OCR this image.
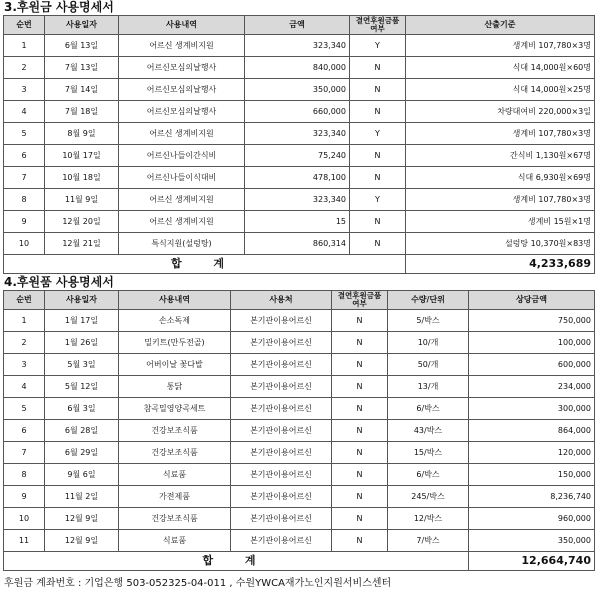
3.후원금 사용명세서
순번	사용일자	사용내역	금액	결연후원금품여부	산출기준
1	6월 13일	어르신 생계비지원	323,340	Y	생계비 107,780×3명
2	7월 13일	어르신모심의날행사	840,000	N	식대 14,000원×60명
3	7월 14일	어르신모심의날행사	350,000	N	식대 14,000원×25명
4	7월 18일	어르신모심의날행사	660,000	N	차량대여비 220,000×3일
5	8월 9일	어르신 생계비지원	323,340	Y	생계비 107,780×3명
6	10월 17일	어르신나들이간식비	75,240	N	간식비 1,130원×67명
7	10월 18일	어르신나들이식대비	478,100	N	식대 6,930원×69명
8	11월 9일	어르신 생계비지원	323,340	Y	생계비 107,780×3명
9	12월 20일	어르신 생계비지원	15	N	생계비 15원×1명
10	12월 21일	특식지원(설렁탕)	860,314	N	설렁탕 10,370원×83명
합 계					4,233,689
4.후원품 사용명세서
순번	사용일자	사용내역	사용처	결연후원금품여부	수량/단위	상당금액
1	1월 17일	손소독제	본기관이용어르신	N	5/박스	750,000
2	1월 26일	밀키트(만두전골)	본기관이용어르신	N	10/개	100,000
3	5월 3일	어버이날 꽃다발	본기관이용어르신	N	50/개	600,000
4	5월 12일	통닭	본기관이용어르신	N	13/개	234,000
5	6월 3일	참곡밀영양곡세트	본기관이용어르신	N	6/박스	300,000
6	6월 28일	건강보조식품	본기관이용어르신	N	43/박스	864,000
7	6월 29일	건강보조식품	본기관이용어르신	N	15/박스	120,000
8	9월 6일	식료품	본기관이용어르신	N	6/박스	150,000
9	11월 2일	가전제품	본기관이용어르신	N	245/박스	8,236,740
10	12월 9일	건강보조식품	본기관이용어르신	N	12/박스	960,000
11	12월 9일	식료품	본기관이용어르신	N	7/박스	350,000
합 계						12,664,740
후원금 계좌번호 : 기업은행 503-052325-04-011 , 수원YWCA재가노인지원서비스센터
